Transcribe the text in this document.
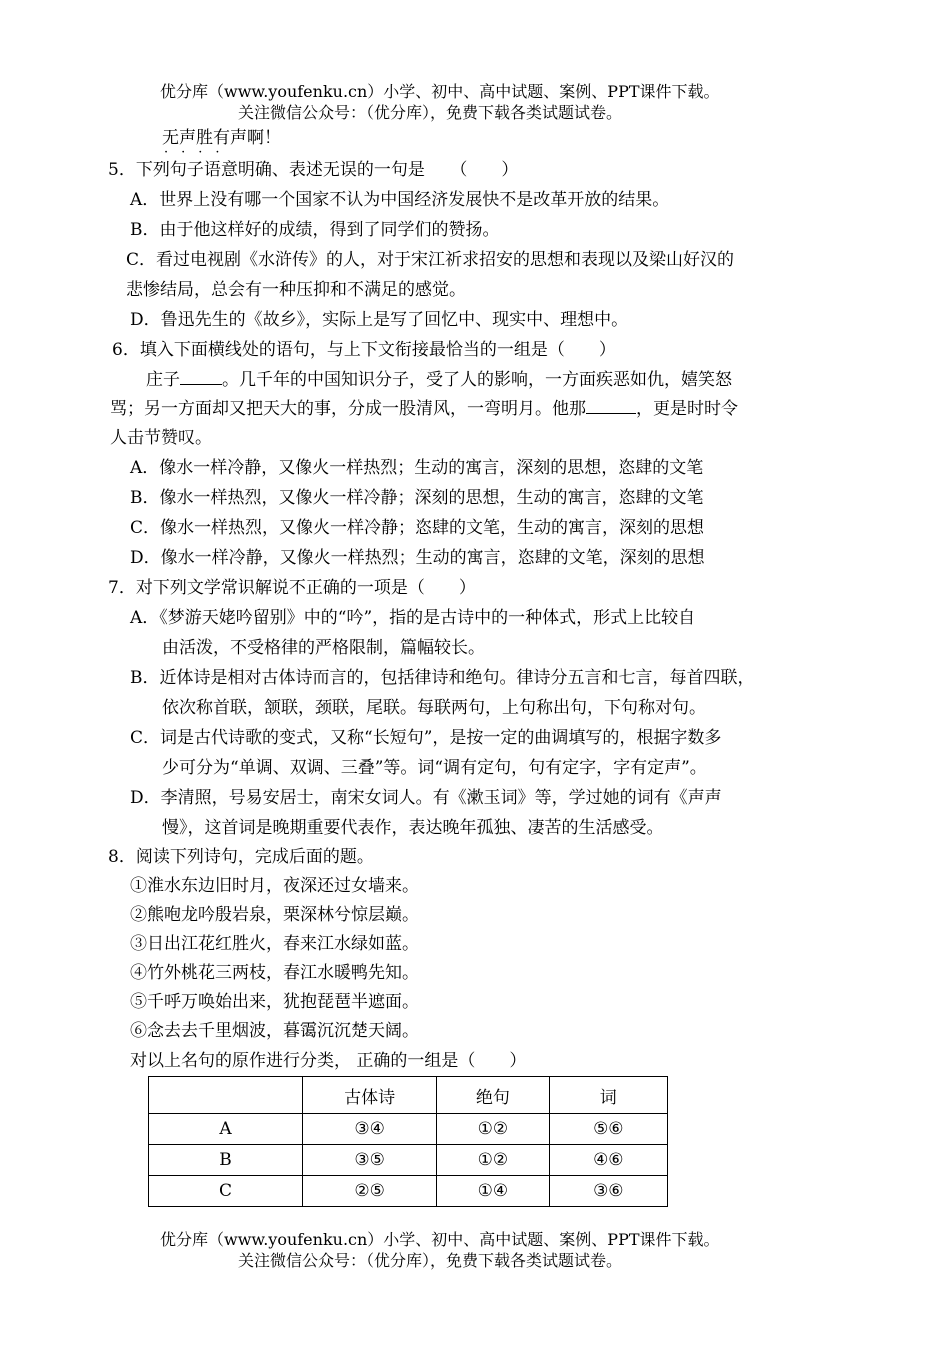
优分库（www.youfenku.cn）小学、初中、高中试题、案例、PPT课件下载。
关注微信公众号：（优分库），免费下载各类试题试卷。
无声胜有声啊！
····
5．下列句子语意明确、表述无误的一句是　　（　　）
A．世界上没有哪一个国家不认为中国经济发展快不是改革开放的结果。
B．由于他这样好的成绩，得到了同学们的赞扬。
C．看过电视剧《水浒传》的人，对于宋江祈求招安的思想和表现以及梁山好汉的
悲惨结局，总会有一种压抑和不满足的感觉。
D．鲁迅先生的《故乡》，实际上是写了回忆中、现实中、理想中。
6．填入下面横线处的语句，与上下文衔接最恰当的一组是（　　）
庄子 。几千年的中国知识分子，受了人的影响，一方面疾恶如仇，嬉笑怒
骂；另一方面却又把天大的事，分成一股清风，一弯明月。他那	，更是时时令
人击节赞叹。
A．像水一样冷静，又像火一样热烈；生动的寓言，深刻的思想，恣肆的文笔
B．像水一样热烈，又像火一样冷静；深刻的思想，生动的寓言，恣肆的文笔
C．像水一样热烈，又像火一样冷静；恣肆的文笔，生动的寓言，深刻的思想
D．像水一样冷静，又像火一样热烈；生动的寓言，恣肆的文笔，深刻的思想
7．对下列文学常识解说不正确的一项是（　　）
A．《梦游天姥吟留别》中的“吟”，指的是古诗中的一种体式，形式上比较自
由活泼，不受格律的严格限制，篇幅较长。
B．近体诗是相对古体诗而言的，包括律诗和绝句。律诗分五言和七言，每首四联，
依次称首联，颔联，颈联，尾联。每联两句，上句称出句，下句称对句。
C．词是古代诗歌的变式，又称“长短句”，是按一定的曲调填写的，根据字数多
少可分为“单调、双调、三叠”等。词“调有定句，句有定字，字有定声”。
D．李清照，号易安居士，南宋女词人。有《漱玉词》等，学过她的词有《声声
慢》，这首词是晚期重要代表作，表达晚年孤独、凄苦的生活感受。
8．阅读下列诗句，完成后面的题。
①淮水东边旧时月，夜深还过女墙来。
②熊咆龙吟殷岩泉，栗深林兮惊层巅。
③日出江花红胜火，春来江水绿如蓝。
④竹外桃花三两枝，春江水暖鸭先知。
⑤千呼万唤始出来，犹抱琵琶半遮面。
⑥念去去千里烟波，暮霭沉沉楚天阔。
对以上名句的原作进行分类， 正确的一组是（　　）
	古体诗	绝句	词
A	③④	①②	⑤⑥
B	③⑤	①②	④⑥
C	②⑤	①④	③⑥
优分库（www.youfenku.cn）小学、初中、高中试题、案例、PPT课件下载。
关注微信公众号：（优分库），免费下载各类试题试卷。
